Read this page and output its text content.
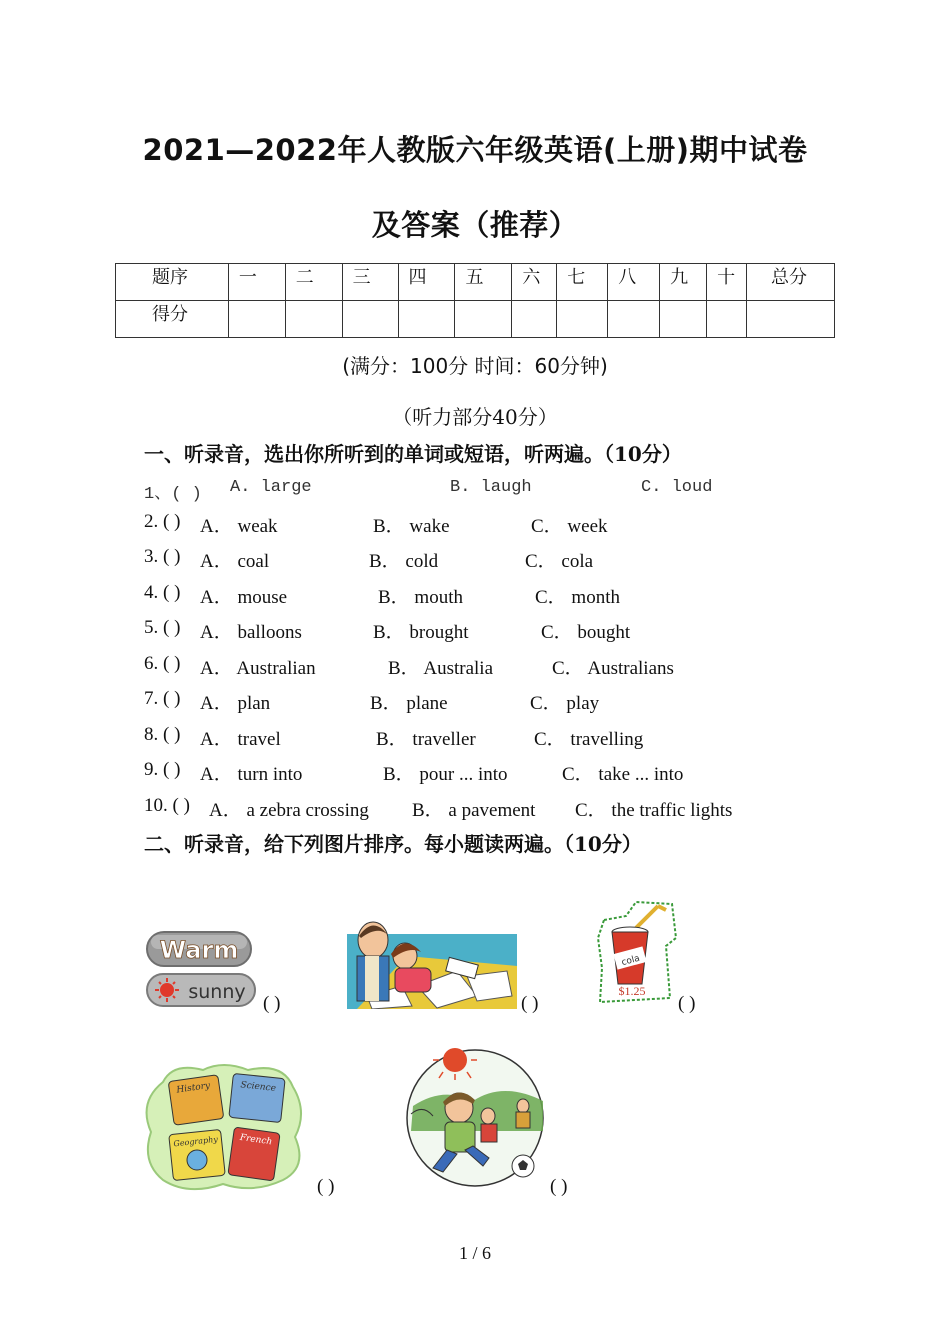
2021—2022年人教版六年级英语(上册)期中试卷
及答案（推荐）
题序	一	二	三	四	五	六	七	八	九	十	总分
得分											
(满分：100分 时间：60分钟)
（听力部分40分）
一、听录音，选出你所听到的单词或短语，听两遍。（10分）
1、( ) A. large	B. laugh	C. loud
2. ( ) A． weak	B． wake	C． week
3. ( ) A． coal	B． cold	C． cola
4. ( ) A． mouse	B． mouth	C． month
5. ( ) A． balloons	B． brought	C． bought
6. ( ) A． Australian	B． Australia	C． Australians
7. ( ) A． plan	B． plane	C． play
8. ( ) A． travel	B． traveller	C． travelling
9. ( ) A． turn into	B． pour ... into	C． take ... into
10. ( ) A． a zebra crossing B． a pavement C． the traffic lights
二、听录音，给下列图片排序。每小题读两遍。（10分）
Warm
sunny
( )	( )
cola
$1.25
( )
History	Science
Geography French
( )	( )
1 / 6
